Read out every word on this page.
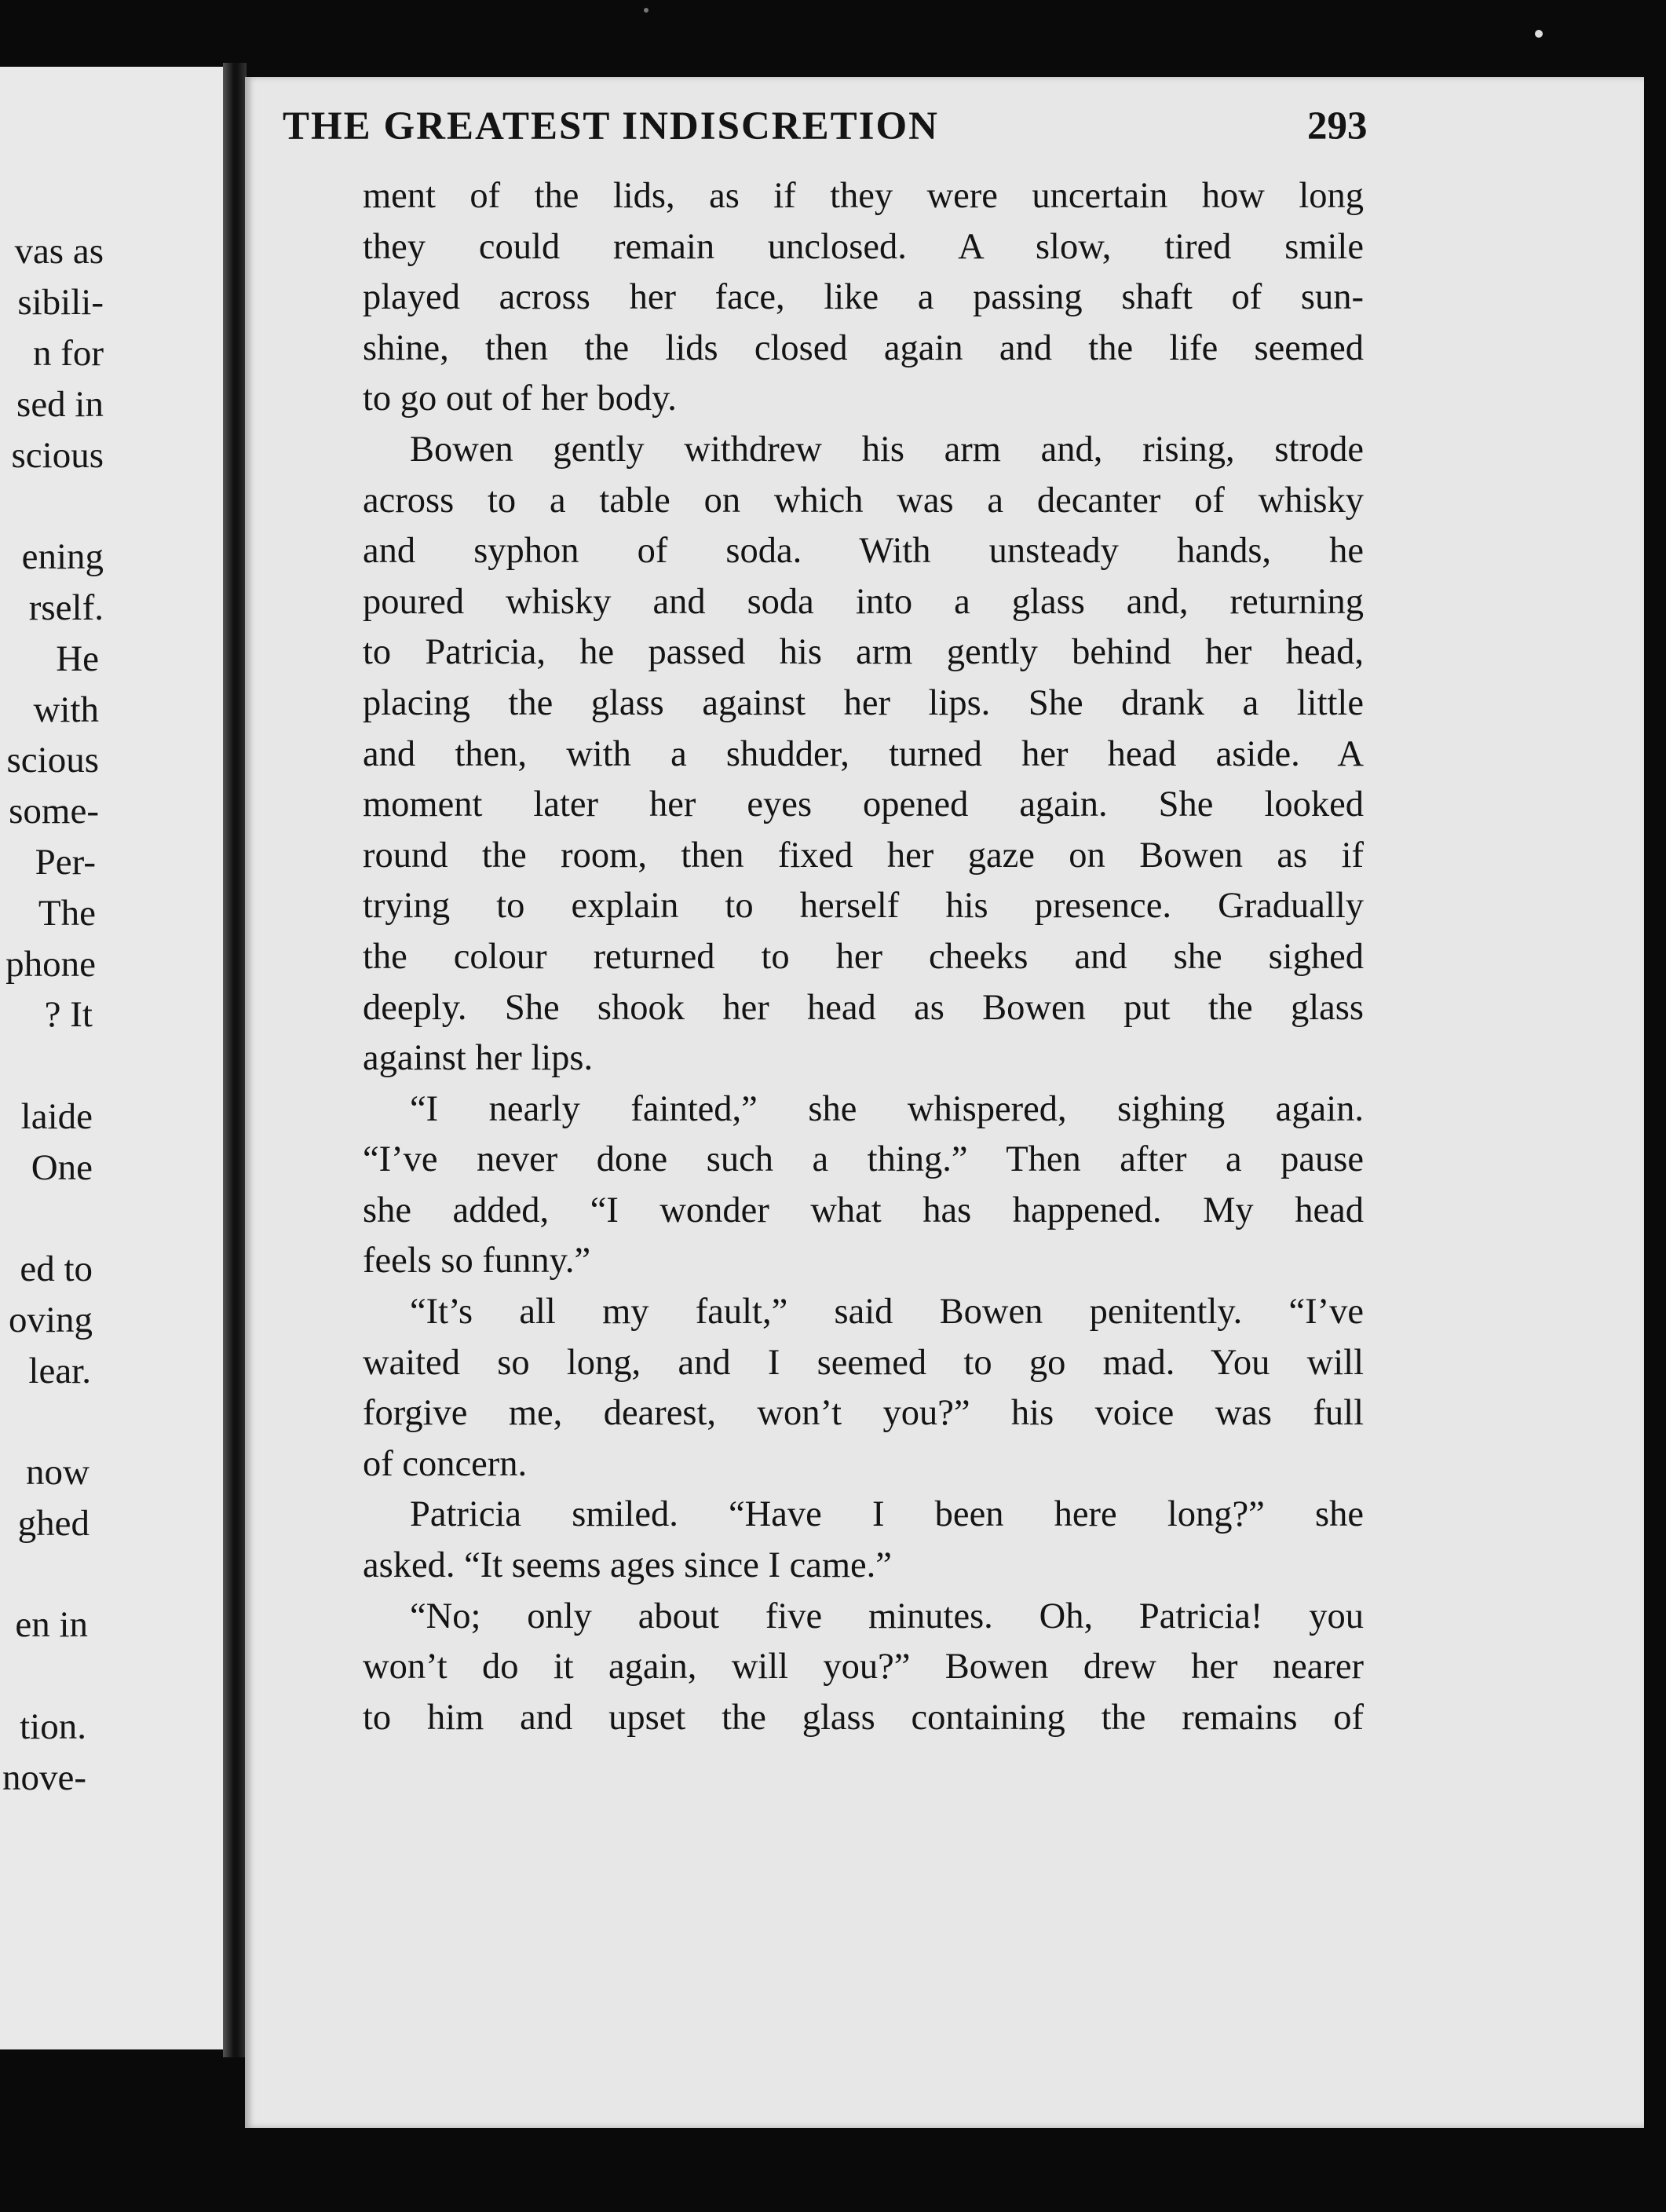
vas as
sibili-
n for
sed in
scious
ening
rself.
He
with
scious
some-
Per-
The
phone
? It
laide
One
ed to
oving
lear.
now
ghed
en in
tion.
nove-
THE GREATEST INDISCRETION	293
ment of the lids, as if they were uncertain how long
they could remain unclosed. A slow, tired smile
played across her face, like a passing shaft of sun-
shine, then the lids closed again and the life seemed
to go out of her body.
Bowen gently withdrew his arm and, rising, strode
across to a table on which was a decanter of whisky
and syphon of soda. With unsteady hands, he
poured whisky and soda into a glass and, returning
to Patricia, he passed his arm gently behind her head,
placing the glass against her lips. She drank a little
and then, with a shudder, turned her head aside. A
moment later her eyes opened again. She looked
round the room, then fixed her gaze on Bowen as if
trying to explain to herself his presence. Gradually
the colour returned to her cheeks and she sighed
deeply. She shook her head as Bowen put the glass
against her lips.
“I nearly fainted,” she whispered, sighing again.
“I’ve never done such a thing.” Then after a pause
she added, “I wonder what has happened. My head
feels so funny.”
“It’s all my fault,” said Bowen penitently. “I’ve
waited so long, and I seemed to go mad. You will
forgive me, dearest, won’t you?” his voice was full
of concern.
Patricia smiled. “Have I been here long?” she
asked. “It seems ages since I came.”
“No; only about five minutes. Oh, Patricia! you
won’t do it again, will you?” Bowen drew her nearer
to him and upset the glass containing the remains of
